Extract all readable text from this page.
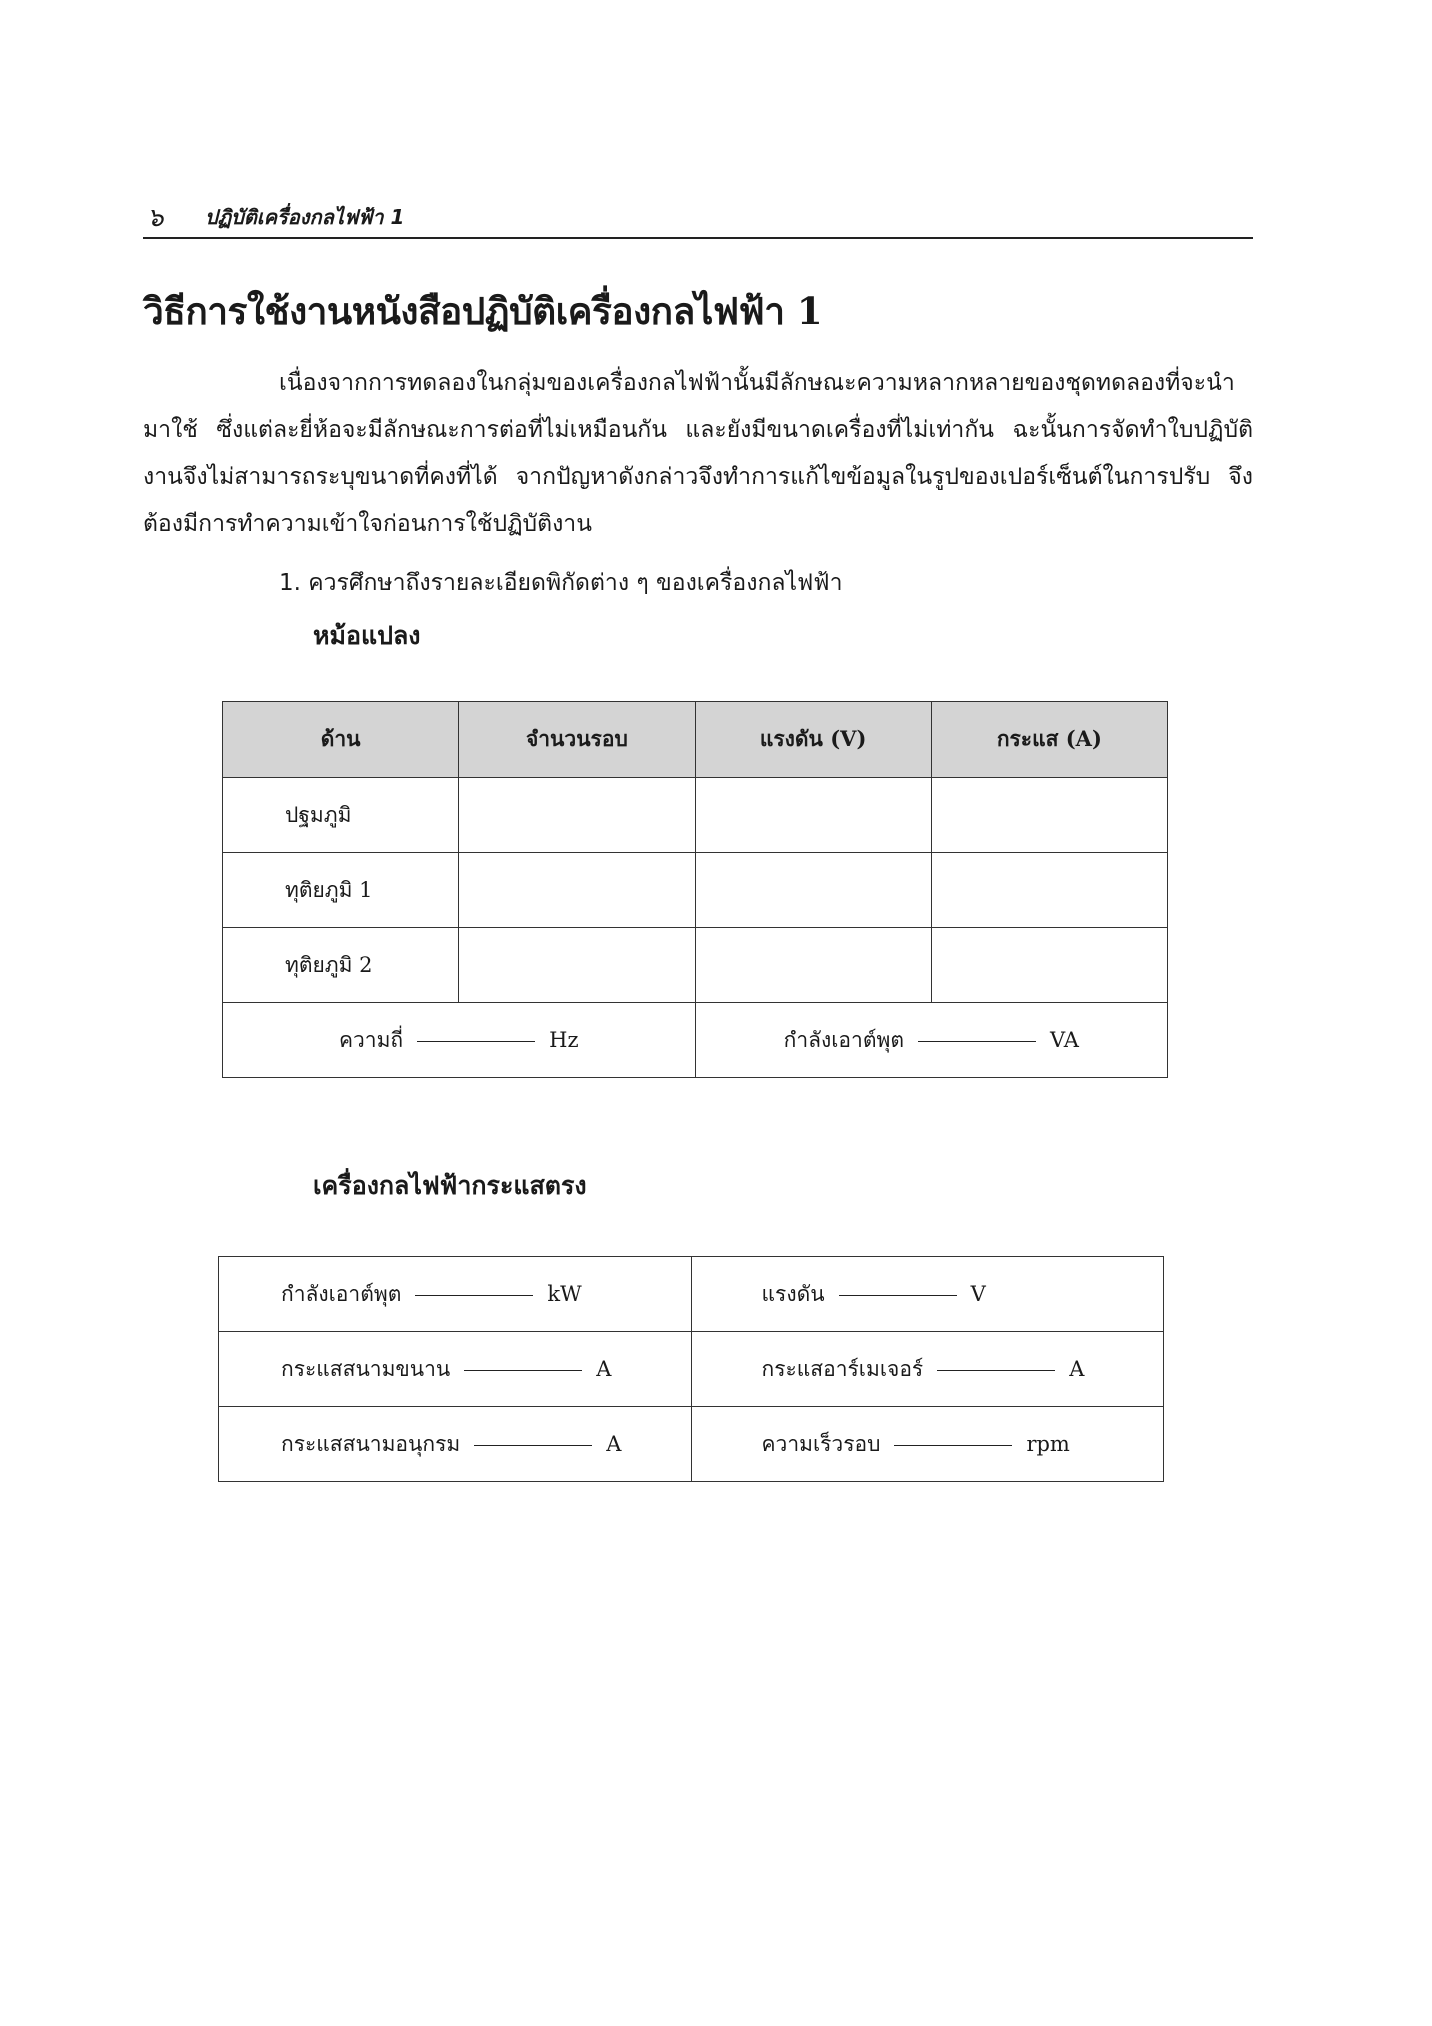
๖ ปฏิบัติเครื่องกลไฟฟ้า 1
วิธีการใช้งานหนังสือปฏิบัติเครื่องกลไฟฟ้า 1

เนื่องจากการทดลองในกลุ่มของเครื่องกลไฟฟ้านั้นมีลักษณะความหลากหลายของชุดทดลองที่จะนำมาใช้ ซึ่งแต่ละยี่ห้อจะมีลักษณะการต่อที่ไม่เหมือนกัน และยังมีขนาดเครื่องที่ไม่เท่ากัน ฉะนั้นการจัดทำใบปฏิบัติงานจึงไม่สามารถระบุขนาดที่คงที่ได้ จากปัญหาดังกล่าวจึงทำการแก้ไขข้อมูลในรูปของเปอร์เซ็นต์ในการปรับ จึงต้องมีการทำความเข้าใจก่อนการใช้ปฏิบัติงาน

1. ควรศึกษาถึงรายละเอียดพิกัดต่าง ๆ ของเครื่องกลไฟฟ้า
หม้อแปลง
ด้าน	จำนวนรอบ	แรงดัน (V)	กระแส (A)
ปฐมภูมิ			
ทุติยภูมิ 1			
ทุติยภูมิ 2			
ความถี่ Hz		กำลังเอาต์พุต VA	
เครื่องกลไฟฟ้ากระแสตรง
กำลังเอาต์พุต kW	แรงดัน V
กระแสสนามขนาน A	กระแสอาร์เมเจอร์ A
กระแสสนามอนุกรม A	ความเร็วรอบ rpm
